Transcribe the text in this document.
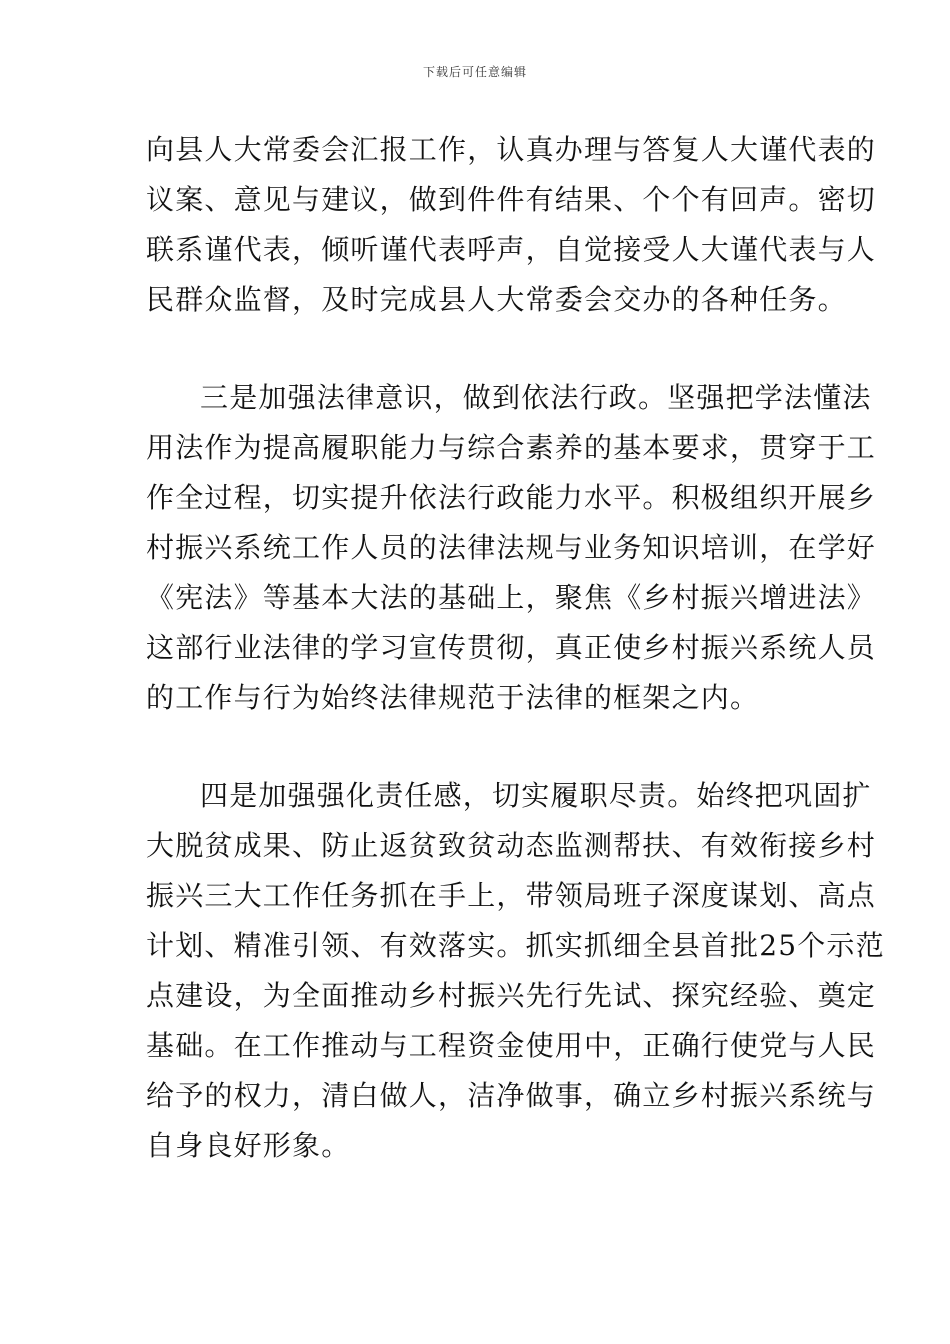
下载后可任意编辑
向县人大常委会汇报工作，认真办理与答复人大谨代表的
议案、意见与建议，做到件件有结果、个个有回声。密切
联系谨代表，倾听谨代表呼声，自觉接受人大谨代表与人
民群众监督，及时完成县人大常委会交办的各种任务。
三是加强法律意识，做到依法行政。坚强把学法懂法
用法作为提高履职能力与综合素养的基本要求，贯穿于工
作全过程，切实提升依法行政能力水平。积极组织开展乡
村振兴系统工作人员的法律法规与业务知识培训，在学好
《宪法》等基本大法的基础上，聚焦《乡村振兴增进法》
这部行业法律的学习宣传贯彻，真正使乡村振兴系统人员
的工作与行为始终法律规范于法律的框架之内。
四是加强强化责任感，切实履职尽责。始终把巩固扩
大脱贫成果、防止返贫致贫动态监测帮扶、有效衔接乡村
振兴三大工作任务抓在手上，带领局班子深度谋划、高点
计划、精准引领、有效落实。抓实抓细全县首批25个示范
点建设，为全面推动乡村振兴先行先试、探究经验、奠定
基础。在工作推动与工程资金使用中，正确行使党与人民
给予的权力，清白做人，洁净做事，确立乡村振兴系统与
自身良好形象。
